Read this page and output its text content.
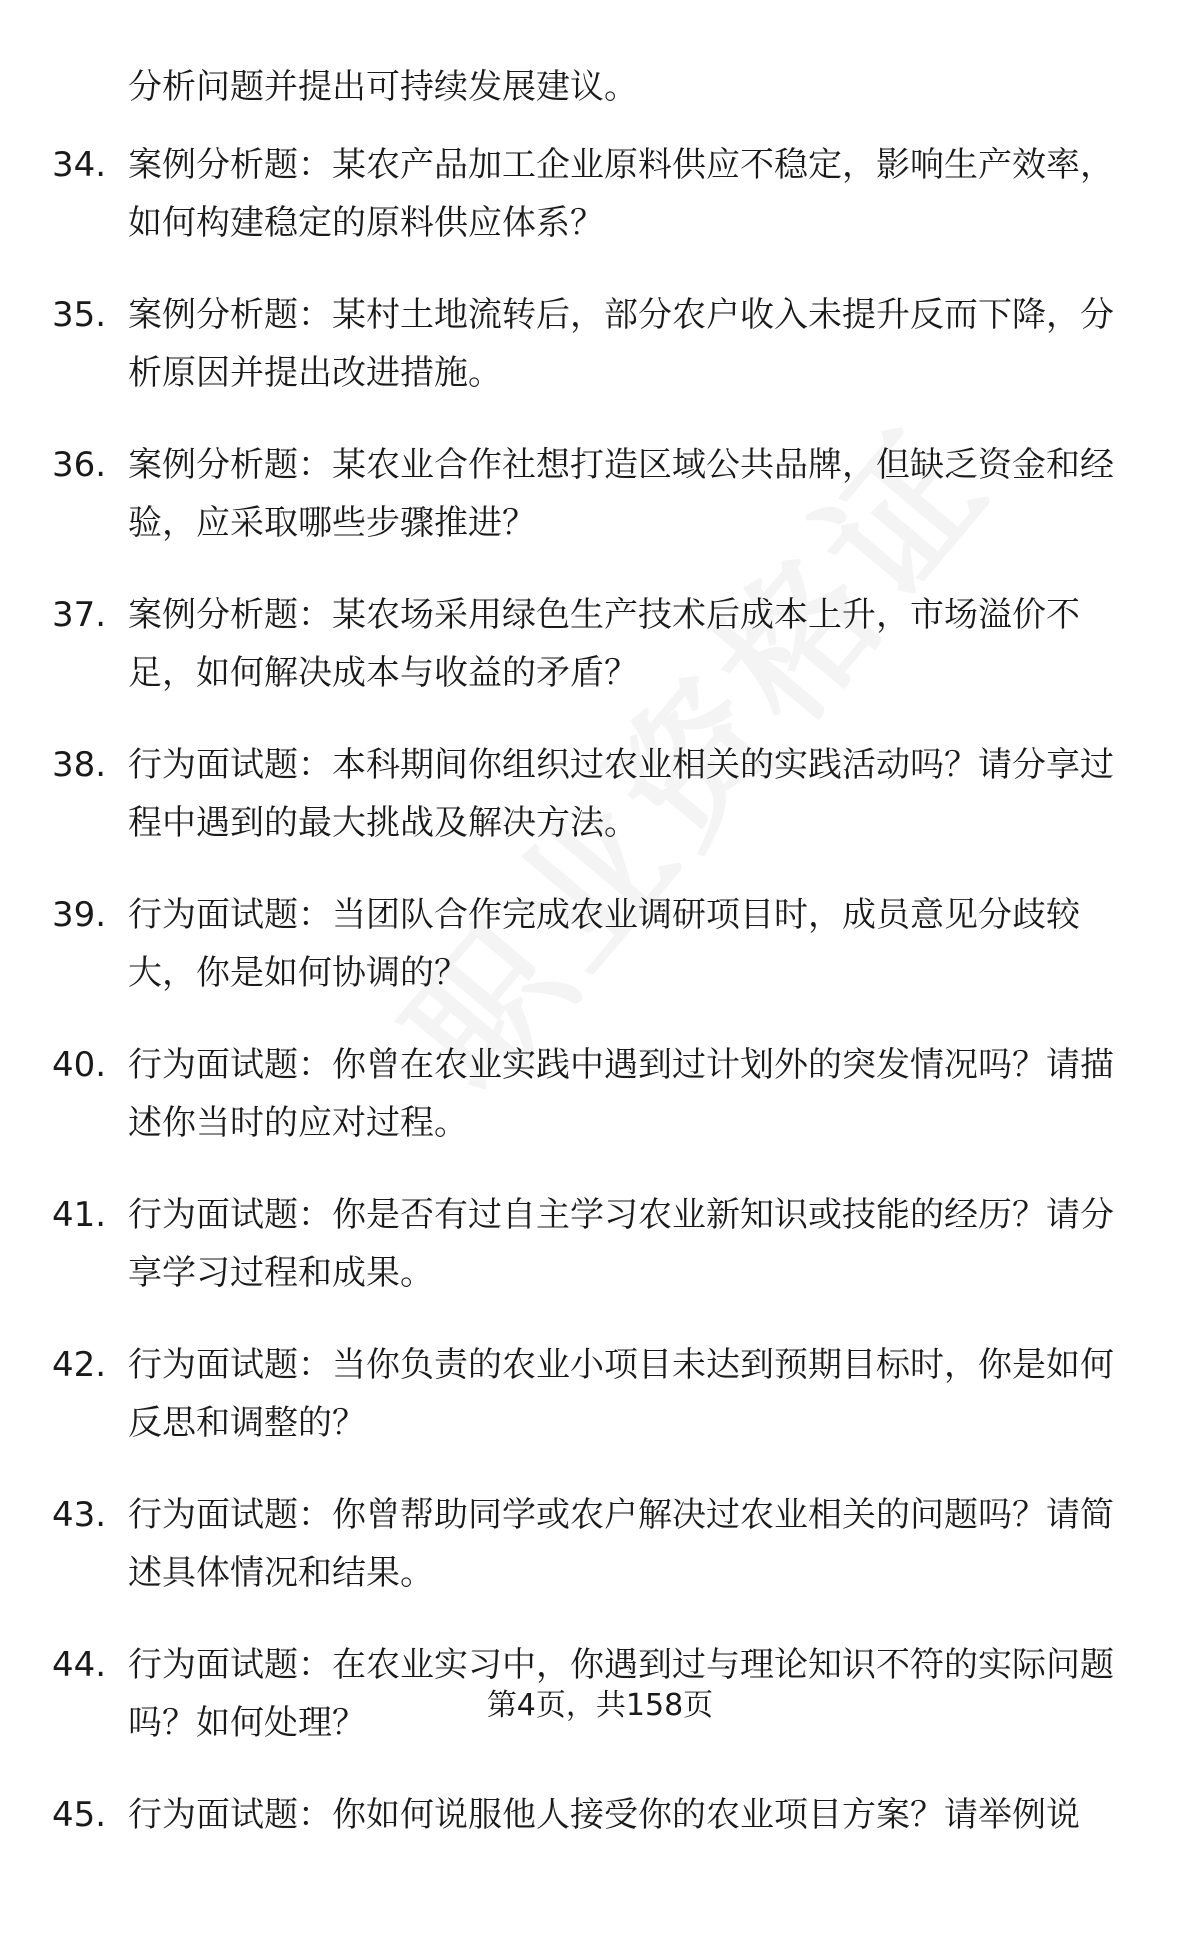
分析问题并提出可持续发展建议。

34. 案例分析题：某农产品加工企业原料供应不稳定，影响生产效率，如何构建稳定的原料供应体系？
35. 案例分析题：某村土地流转后，部分农户收入未提升反而下降，分析原因并提出改进措施。
36. 案例分析题：某农业合作社想打造区域公共品牌，但缺乏资金和经验，应采取哪些步骤推进？
37. 案例分析题：某农场采用绿色生产技术后成本上升，市场溢价不足，如何解决成本与收益的矛盾？
38. 行为面试题：本科期间你组织过农业相关的实践活动吗？请分享过程中遇到的最大挑战及解决方法。
39. 行为面试题：当团队合作完成农业调研项目时，成员意见分歧较大，你是如何协调的？
40. 行为面试题：你曾在农业实践中遇到过计划外的突发情况吗？请描述你当时的应对过程。
41. 行为面试题：你是否有过自主学习农业新知识或技能的经历？请分享学习过程和成果。
42. 行为面试题：当你负责的农业小项目未达到预期目标时，你是如何反思和调整的？
43. 行为面试题：你曾帮助同学或农户解决过农业相关的问题吗？请简述具体情况和结果。
44. 行为面试题：在农业实习中，你遇到过与理论知识不符的实际问题吗？如何处理？
45. 行为面试题：你如何说服他人接受你的农业项目方案？请举例说
第4页，共158页
